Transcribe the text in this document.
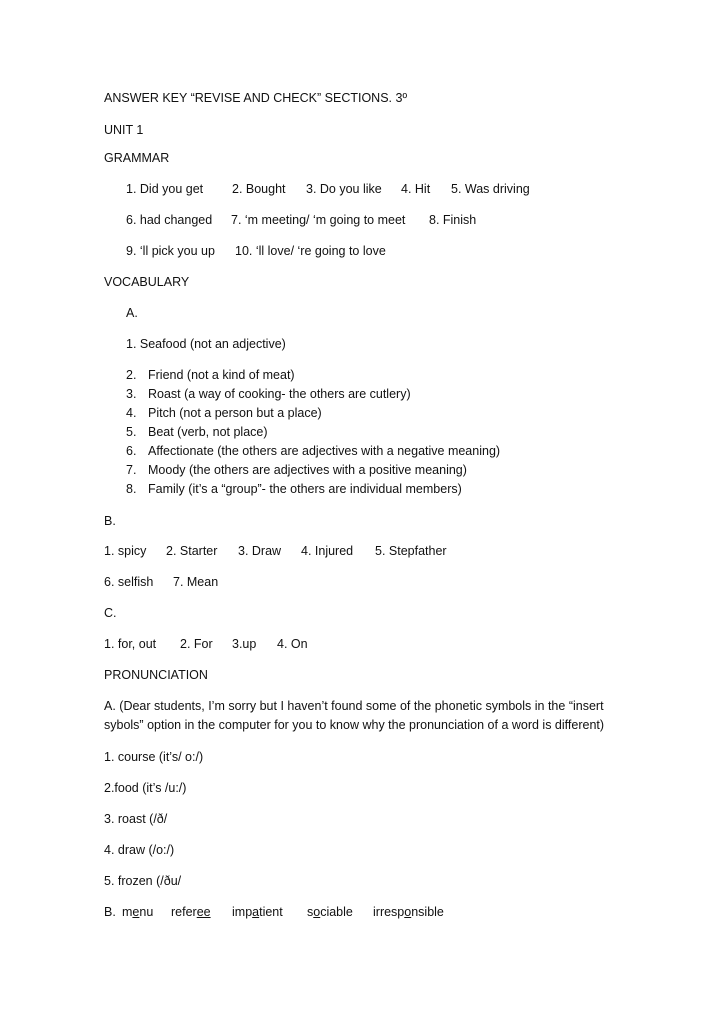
ANSWER KEY “REVISE AND CHECK” SECTIONS. 3º
UNIT 1
GRAMMAR
1. Did you get 2. Bought 3. Do you like 4. Hit 5. Was driving
6. had changed 7. ‘m meeting/ ‘m going to meet 8. Finish
9. ‘ll pick you up 10. ‘ll love/ ‘re going to love
VOCABULARY
A.
1. Seafood (not an adjective)
2. Friend (not a kind of meat)
3. Roast (a way of cooking- the others are cutlery)
4. Pitch (not a person but a place)
5. Beat (verb, not place)
6. Affectionate (the others are adjectives with a negative meaning)
7. Moody (the others are adjectives with a positive meaning)
8. Family (it’s a “group”- the others are individual members)
B.
1. spicy 2. Starter 3. Draw 4. Injured 5. Stepfather
6. selfish 7. Mean
C.
1. for, out 2. For 3.up 4. On
PRONUNCIATION
A. (Dear students, I’m sorry but I haven’t found some of the phonetic symbols in the “insert
sybols” option in the computer for you to know why the pronunciation of a word is different)
1. course (it’s/ o:/)
2.food (it’s /u:/)
3. roast (/ð/
4. draw (/o:/)
5. frozen (/ðu/
B. menu referee impatient sociable irresponsible
